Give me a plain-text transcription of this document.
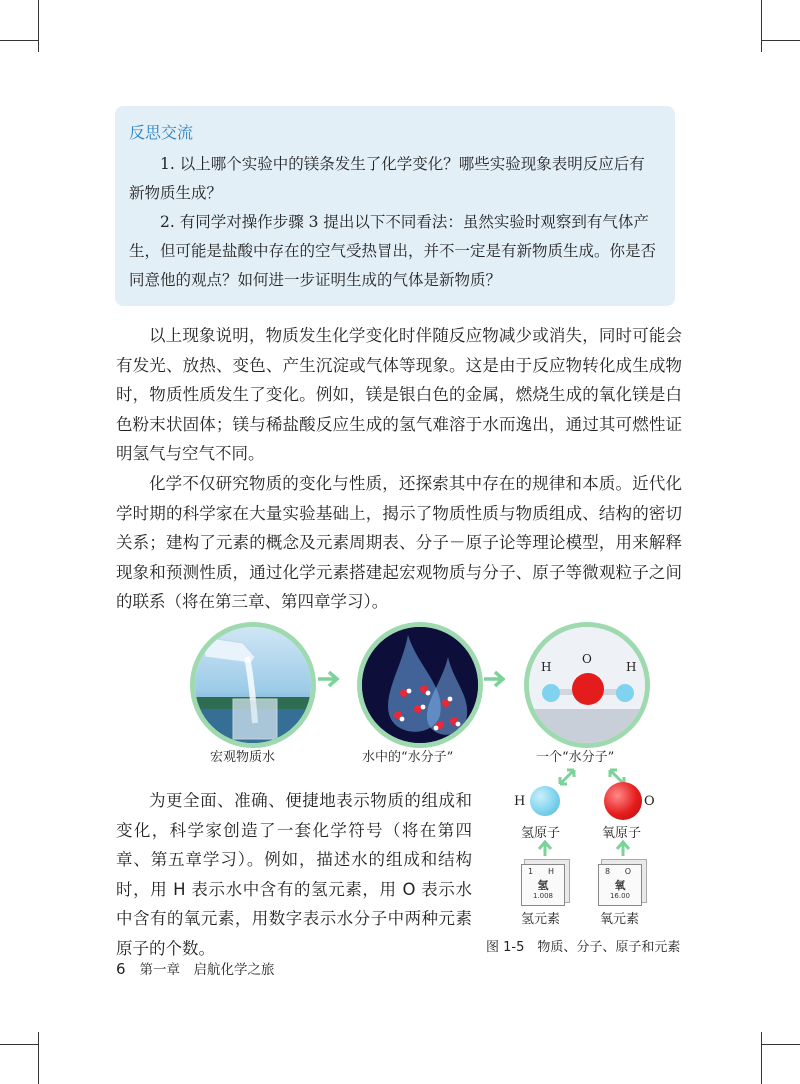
反思交流

1. 以上哪个实验中的镁条发生了化学变化？哪些实验现象表明反应后有新物质生成？

2. 有同学对操作步骤 3 提出以下不同看法：虽然实验时观察到有气体产生，但可能是盐酸中存在的空气受热冒出，并不一定是有新物质生成。你是否同意他的观点？如何进一步证明生成的气体是新物质？

以上现象说明，物质发生化学变化时伴随反应物减少或消失，同时可能会有发光、放热、变色、产生沉淀或气体等现象。这是由于反应物转化成生成物时，物质性质发生了变化。例如，镁是银白色的金属，燃烧生成的氧化镁是白色粉末状固体；镁与稀盐酸反应生成的氢气难溶于水而逸出，通过其可燃性证明氢气与空气不同。

化学不仅研究物质的变化与性质，还探索其中存在的规律和本质。近代化学时期的科学家在大量实验基础上，揭示了物质性质与物质组成、结构的密切关系；建构了元素的概念及元素周期表、分子－原子论等理论模型，用来解释现象和预测性质，通过化学元素搭建起宏观物质与分子、原子等微观粒子之间的联系（将在第三章、第四章学习）。

为更全面、准确、便捷地表示物质的组成和变化，科学家创造了一套化学符号（将在第四章、第五章学习）。例如，描述水的组成和结构时，用 H 表示水中含有的氢元素，用 O 表示水中含有的氧元素，用数字表示水分子中两种元素原子的个数。

H
O
H
宏观物质水	水中的“水分子”	一个“水分子”
H	O
氢原子	氧原子
1 H
氢
1.008
8 O
氧
16.00
氢元素	氧元素
图 1-5　物质、分子、原子和元素
6 第一章　启航化学之旅
